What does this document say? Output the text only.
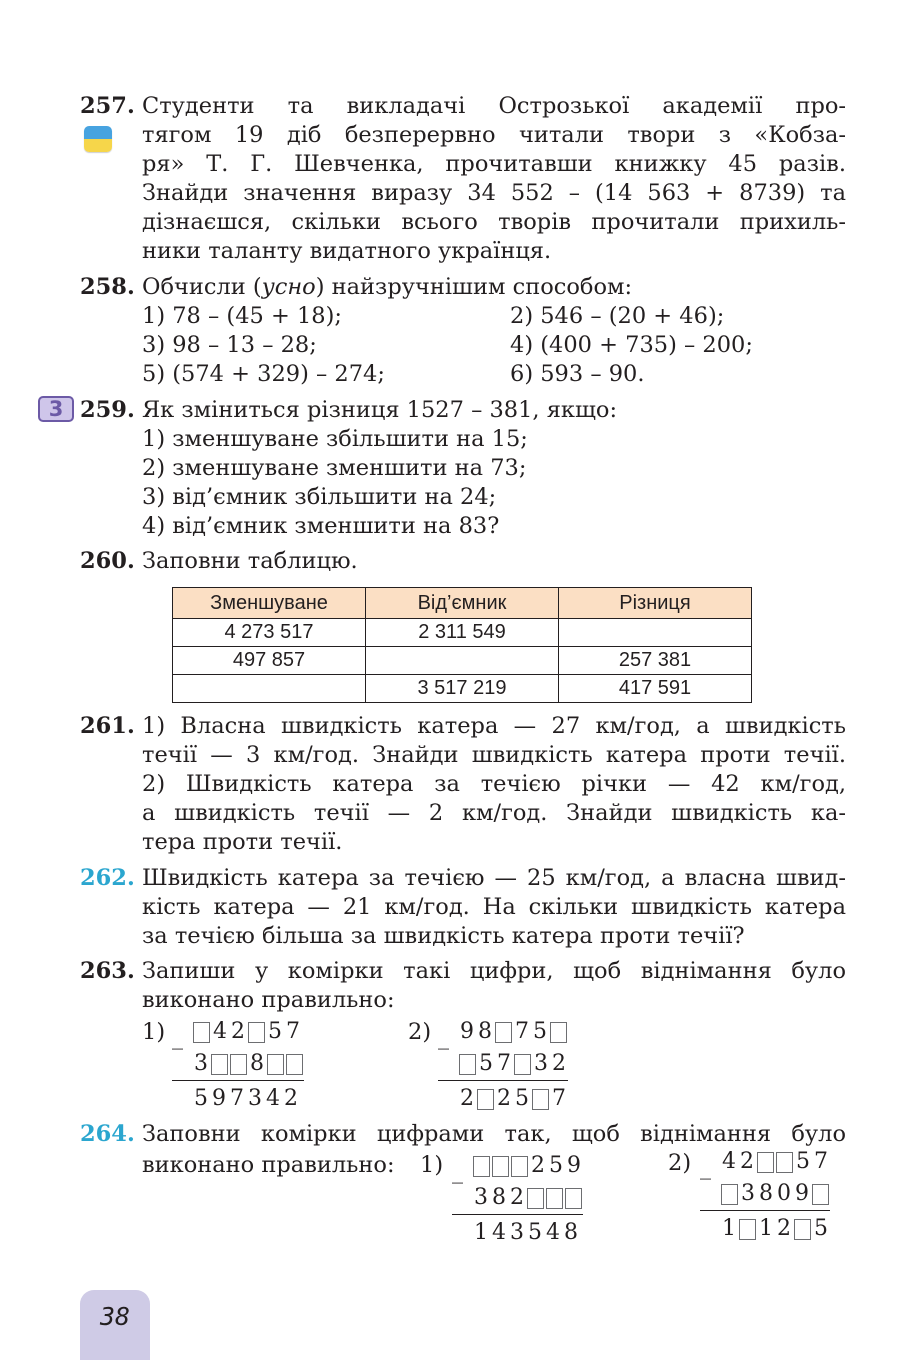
257. Студенти та викладачі Острозької академії про-
тягом 19 діб безперервно читали твори з «Кобза-
ря» Т. Г. Шевченка, прочитавши книжку 45 разів.
Знайди значення виразу 34 552 – (14 563 + 8739) та
дізнаєшся, скільки всього творів прочитали прихиль-
ники таланту видатного українця.
258. Обчисли (усно) найзручнішим способом:
1) 78 – (45 + 18);	2) 546 – (20 + 46);
3) 98 – 13 – 28;	4) (400 + 735) – 200;
5) (574 + 329) – 274;	6) 593 – 90.
3 259. Як зміниться різниця 1527 – 381, якщо:
1) зменшуване збільшити на 15;
2) зменшуване зменшити на 73;
3) від’ємник збільшити на 24;
4) від’ємник зменшити на 83?
260. Заповни таблицю.
Зменшуване	Від’ємник	Різниця
4 273 517	2 311 549	
497 857		257 381
	3 517 219	417 591
261. 1) Власна швидкість катера — 27 км/год, а швидкість
течії — 3 км/год. Знайди швидкість катера проти течії.
2) Швидкість катера за течією річки — 42 км/год,
а швидкість течії — 2 км/год. Знайди швидкість ка-
тера проти течії.
262. Швидкість катера за течією — 25 км/год, а власна швид-
кість катера — 21 км/год. На скільки швидкість катера
за течією більша за швидкість катера проти течії?
263. Запиши у комірки такі цифри, щоб віднімання було
виконано правильно:
1)	2)
_	4 2 5 7
3 8
5 9 7 3 4 2
_ 9 8 7 5
5 7 3 2
2 2 5 7
264. Заповни комірки цифрами так, щоб віднімання було
виконано правильно: 1)	2)
_	2 5 9
3 8 2
1 4 3 5 4 8
_ 4 2 5 7
3 8 0 9
1 1 2 5
38
